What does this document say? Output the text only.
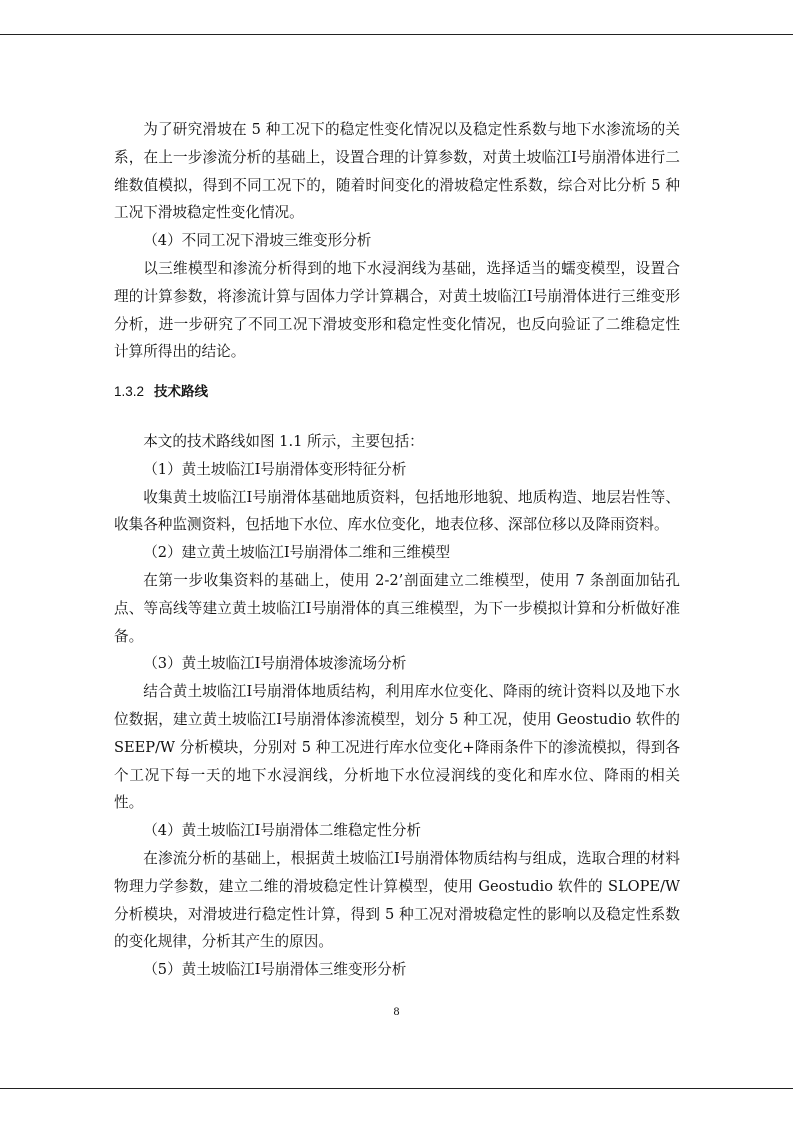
为了研究滑坡在 5 种工况下的稳定性变化情况以及稳定性系数与地下水渗流场的关系，在上一步渗流分析的基础上，设置合理的计算参数，对黄土坡临江Ⅰ号崩滑体进行二维数值模拟，得到不同工况下的，随着时间变化的滑坡稳定性系数，综合对比分析 5 种工况下滑坡稳定性变化情况。

（4）不同工况下滑坡三维变形分析

以三维模型和渗流分析得到的地下水浸润线为基础，选择适当的蠕变模型，设置合理的计算参数，将渗流计算与固体力学计算耦合，对黄土坡临江Ⅰ号崩滑体进行三维变形分析，进一步研究了不同工况下滑坡变形和稳定性变化情况，也反向验证了二维稳定性计算所得出的结论。

1.3.2 技术路线

本文的技术路线如图 1.1 所示，主要包括：

（1）黄土坡临江Ⅰ号崩滑体变形特征分析

收集黄土坡临江Ⅰ号崩滑体基础地质资料，包括地形地貌、地质构造、地层岩性等、收集各种监测资料，包括地下水位、库水位变化，地表位移、深部位移以及降雨资料。

（2）建立黄土坡临江Ⅰ号崩滑体二维和三维模型

在第一步收集资料的基础上，使用 2-2’剖面建立二维模型，使用 7 条剖面加钻孔点、等高线等建立黄土坡临江Ⅰ号崩滑体的真三维模型，为下一步模拟计算和分析做好准备。

（3）黄土坡临江Ⅰ号崩滑体坡渗流场分析

结合黄土坡临江Ⅰ号崩滑体地质结构，利用库水位变化、降雨的统计资料以及地下水位数据，建立黄土坡临江Ⅰ号崩滑体渗流模型，划分 5 种工况，使用 Geostudio 软件的 SEEP/W 分析模块，分别对 5 种工况进行库水位变化+降雨条件下的渗流模拟，得到各个工况下每一天的地下水浸润线，分析地下水位浸润线的变化和库水位、降雨的相关性。

（4）黄土坡临江Ⅰ号崩滑体二维稳定性分析

在渗流分析的基础上，根据黄土坡临江Ⅰ号崩滑体物质结构与组成，选取合理的材料物理力学参数，建立二维的滑坡稳定性计算模型，使用 Geostudio 软件的 SLOPE/W 分析模块，对滑坡进行稳定性计算，得到 5 种工况对滑坡稳定性的影响以及稳定性系数的变化规律，分析其产生的原因。

（5）黄土坡临江Ⅰ号崩滑体三维变形分析

8
